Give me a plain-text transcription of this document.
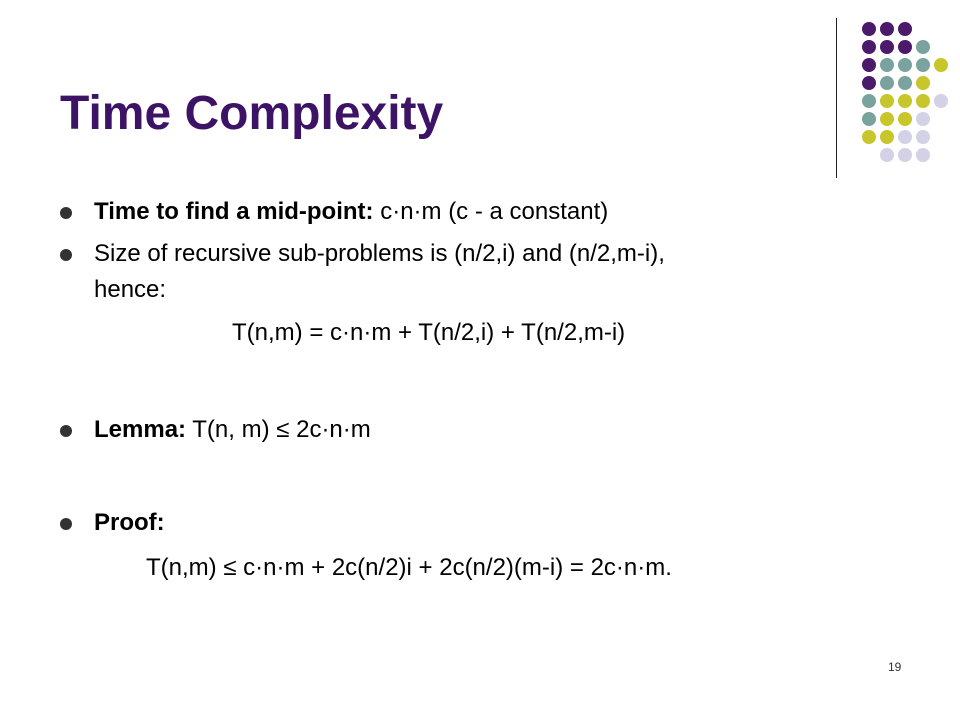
Time Complexity
Time to find a mid-point: c·n·m (c - a constant)
Size of recursive sub-problems is (n/2,i) and (n/2,m-i),
hence:
T(n,m) = c·n·m + T(n/2,i) + T(n/2,m-i)
Lemma: T(n, m) ≤ 2c·n·m
Proof:
T(n,m) ≤ c·n·m + 2c(n/2)i + 2c(n/2)(m-i) = 2c·n·m.
19
